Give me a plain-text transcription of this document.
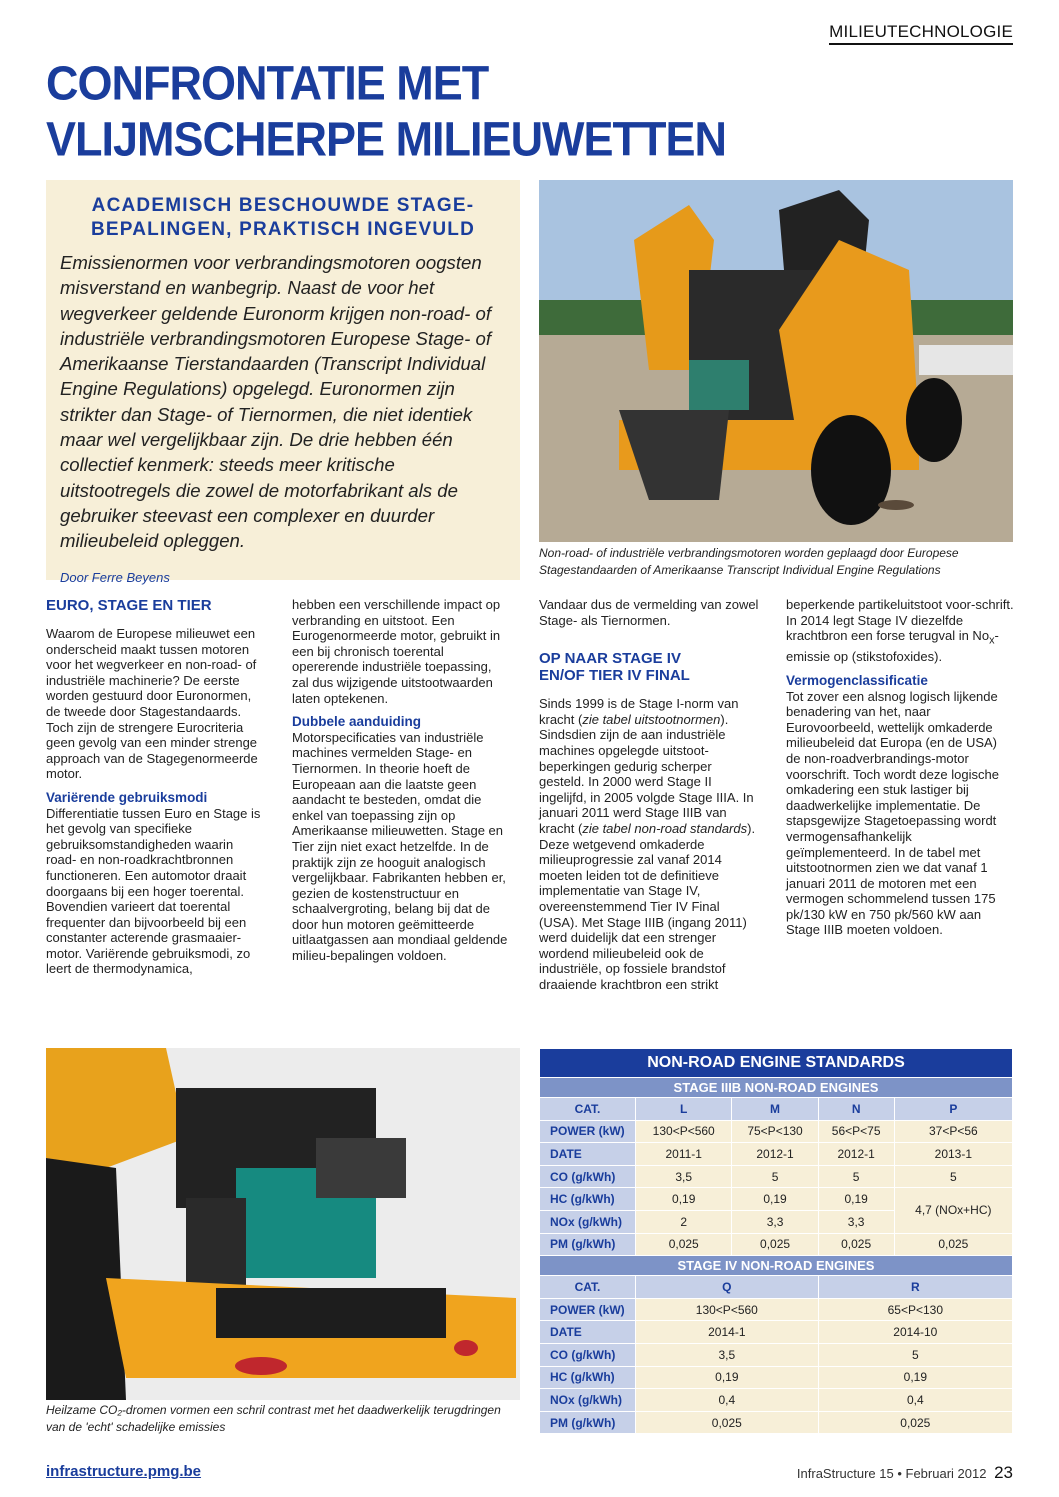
MILIEUTECHNOLOGIE
CONFRONTATIE MET
VLIJMSCHERPE MILIEUWETTEN
ACADEMISCH BESCHOUWDE STAGE-
BEPALINGEN, PRAKTISCH INGEVULD
Emissienormen voor verbrandingsmotoren oogsten misverstand en wanbegrip. Naast de voor het wegverkeer geldende Euronorm krijgen non-road- of industriële verbrandingsmotoren Europese Stage- of Amerikaanse Tierstandaarden (Transcript Individual Engine Regulations) opgelegd. Euronormen zijn strikter dan Stage- of Tiernormen, die niet identiek maar wel vergelijkbaar zijn. De drie hebben één collectief kenmerk: steeds meer kritische uitstootregels die zowel de motorfabrikant als de gebruiker steevast een complexer en duurder milieubeleid opleggen.
Door Ferre Beyens
Non-road- of industriële verbrandingsmotoren worden geplaagd door Europese Stagestandaarden of Amerikaanse Transcript Individual Engine Regulations
EURO, STAGE EN TIER

Waarom de Europese milieuwet een onderscheid maakt tussen motoren voor het wegverkeer en non-road- of industriële machinerie? De eerste worden gestuurd door Euronormen, de tweede door Stagestandaards. Toch zijn de strengere Eurocriteria geen gevolg van een minder strenge approach van de Stagegenormeerde motor.

Variërende gebruiksmodi

Differentiatie tussen Euro en Stage is het gevolg van specifieke gebruiksomstandigheden waarin road- en non-roadkrachtbronnen functioneren. Een automotor draait doorgaans bij een hoger toerental. Bovendien varieert dat toerental frequenter dan bijvoorbeeld bij een constanter acterende grasmaaier-motor. Variërende gebruiksmodi, zo leert de thermodynamica,

hebben een verschillende impact op verbranding en uitstoot. Een Eurogenormeerde motor, gebruikt in een bij chronisch toerental opererende industriële toepassing, zal dus wijzigende uitstootwaarden laten optekenen.

Dubbele aanduiding

Motorspecificaties van industriële machines vermelden Stage- en Tiernormen. In theorie hoeft de Europeaan aan die laatste geen aandacht te besteden, omdat die enkel van toepassing zijn op Amerikaanse milieuwetten. Stage en Tier zijn niet exact hetzelfde. In de praktijk zijn ze hooguit analogisch vergelijkbaar. Fabrikanten hebben er, gezien de kostenstructuur en schaalvergroting, belang bij dat de door hun motoren geëmitteerde uitlaatgassen aan mondiaal geldende milieu-bepalingen voldoen.

Vandaar dus de vermelding van zowel Stage- als Tiernormen.

OP NAAR STAGE IV
EN/OF TIER IV FINAL

Sinds 1999 is de Stage I-norm van kracht (zie tabel uitstootnormen). Sindsdien zijn de aan industriële machines opgelegde uitstoot-beperkingen gedurig scherper gesteld. In 2000 werd Stage II ingelijfd, in 2005 volgde Stage IIIA. In januari 2011 werd Stage IIIB van kracht (zie tabel non-road standards). Deze wetgevend omkaderde milieuprogressie zal vanaf 2014 moeten leiden tot de definitieve implementatie van Stage IV, overeenstemmend Tier IV Final (USA). Met Stage IIIB (ingang 2011) werd duidelijk dat een strenger wordend milieubeleid ook de industriële, op fossiele brandstof draaiende krachtbron een strikt

beperkende partikeluitstoot voor-schrift. In 2014 legt Stage IV diezelfde krachtbron een forse terugval in $No_x$-emissie op (stikstofoxides).

Vermogenclassificatie

Tot zover een alsnog logisch lijkende benadering van het, naar Eurovoorbeeld, wettelijk omkaderde milieubeleid dat Europa (en de USA) de non-roadverbrandings-motor voorschrift. Toch wordt deze logische omkadering een stuk lastiger bij daadwerkelijke implementatie. De stapsgewijze Stagetoepassing wordt vermogensafhankelijk geïmplementeerd. In de tabel met uitstootnormen zien we dat vanaf 1 januari 2011 de motoren met een vermogen schommelend tussen 175 pk/130 kW en 750 pk/560 kW aan Stage IIIB moeten voldoen.

Heilzame CO₂-dromen vormen een schril contrast met het daadwerkelijk terugdringen van de 'echt' schadelijke emissies
NON-ROAD ENGINE STANDARDS				
STAGE IIIB NON-ROAD ENGINES				
CAT.	L	M	N	P
POWER (kW)	130<P<560	75<P<130	56<P<75	37<P<56
DATE	2011-1	2012-1	2012-1	2013-1
CO (g/kWh)	3,5	5	5	5
HC (g/kWh)	0,19	0,19	0,19	4,7 (NOx+HC)
NOx (g/kWh)	2	3,3	3,3	
PM (g/kWh)	0,025	0,025	0,025	0,025
STAGE IV NON-ROAD ENGINES				
CAT.	Q		R	
POWER (kW)	130<P<560		65<P<130	
DATE	2014-1		2014-10	
CO (g/kWh)	3,5		5	
HC (g/kWh)	0,19		0,19	
NOx (g/kWh)	0,4		0,4	
PM (g/kWh)	0,025		0,025	
infrastructure.pmg.be	InfraStructure 15 • Februari 2012 23
